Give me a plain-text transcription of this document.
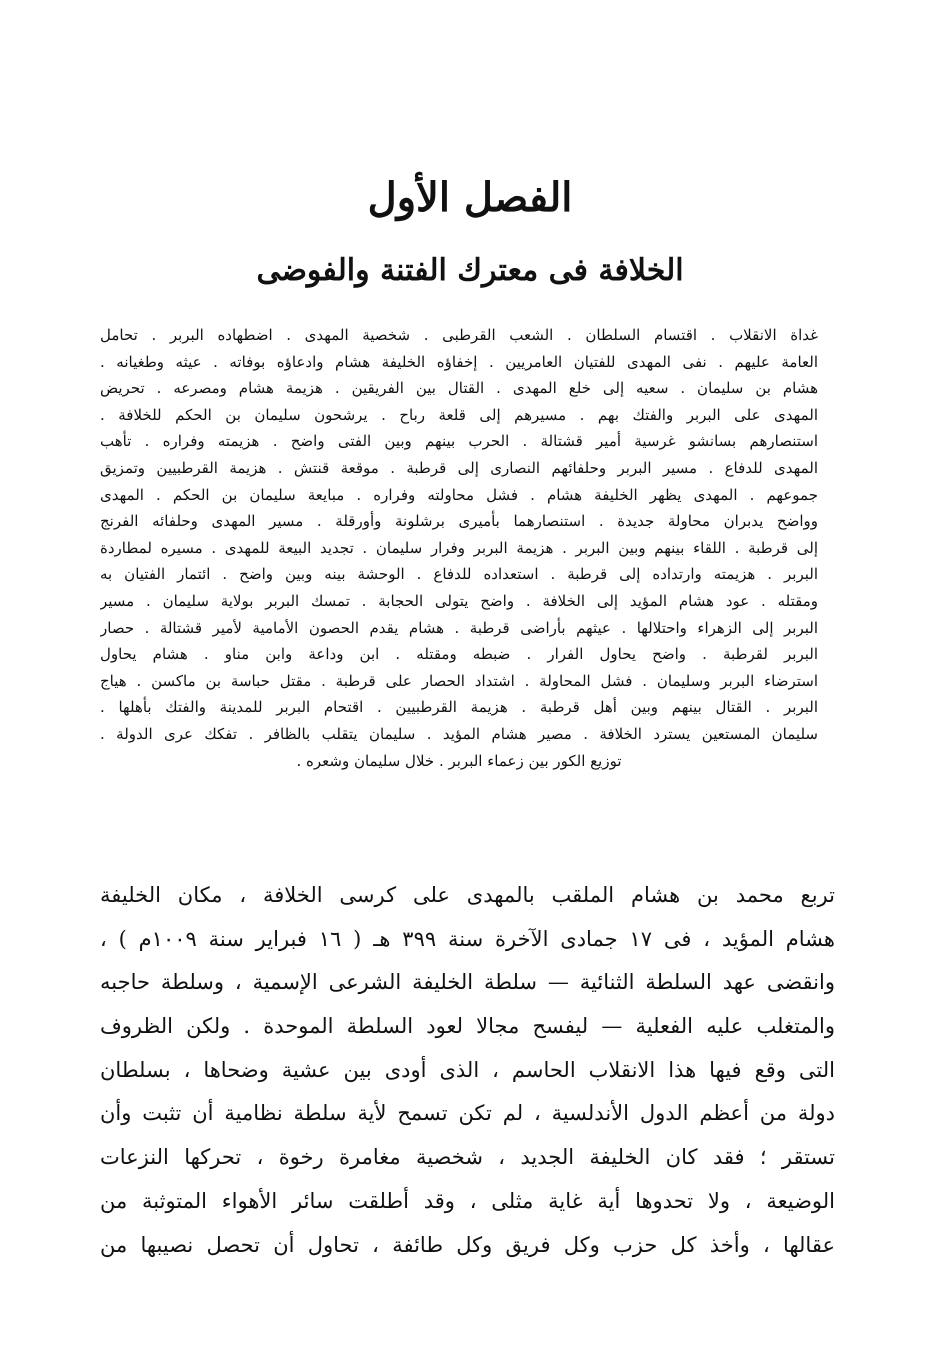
الفصل الأول
الخلافة فى معترك الفتنة والفوضى
غداة الانقلاب . اقتسام السلطان . الشعب القرطبى . شخصية المهدى . اضطهاده البربر . تحامل
العامة عليهم . نفى المهدى للفتيان العامريين . إخفاؤه الخليفة هشام وادعاؤه بوفاته . عيثه وطغيانه .
هشام بن سليمان . سعيه إلى خلع المهدى . القتال بين الفريقين . هزيمة هشام ومصرعه . تحريض
المهدى على البربر والفتك بهم . مسيرهم إلى قلعة رباح . يرشحون سليمان بن الحكم للخلافة .
استنصارهم بسانشو غرسية أمير قشتالة . الحرب بينهم وبين الفتى واضح . هزيمته وفراره . تأهب
المهدى للدفاع . مسير البربر وحلفائهم النصارى إلى قرطبة . موقعة قنتش . هزيمة القرطبيين وتمزيق
جموعهم . المهدى يظهر الخليفة هشام . فشل محاولته وفراره . مبايعة سليمان بن الحكم . المهدى
وواضح يدبران محاولة جديدة . استنصارهما بأميرى برشلونة وأورقلة . مسير المهدى وحلفائه الفرنج
إلى قرطبة . اللقاء بينهم وبين البربر . هزيمة البربر وفرار سليمان . تجديد البيعة للمهدى . مسيره لمطاردة
البربر . هزيمته وارتداده إلى قرطبة . استعداده للدفاع . الوحشة بينه وبين واضح . ائتمار الفتيان به
ومقتله . عود هشام المؤيد إلى الخلافة . واضح يتولى الحجابة . تمسك البربر بولاية سليمان . مسير
البربر إلى الزهراء واحتلالها . عيثهم بأراضى قرطبة . هشام يقدم الحصون الأمامية لأمير قشتالة . حصار
البربر لقرطبة . واضح يحاول الفرار . ضبطه ومقتله . ابن وداعة وابن مناو . هشام يحاول
استرضاء البربر وسليمان . فشل المحاولة . اشتداد الحصار على قرطبة . مقتل حباسة بن ماكسن . هياج
البربر . القتال بينهم وبين أهل قرطبة . هزيمة القرطبيين . اقتحام البربر للمدينة والفتك بأهلها .
سليمان المستعين يسترد الخلافة . مصير هشام المؤيد . سليمان يتقلب بالظافر . تفكك عرى الدولة .
توزيع الكور بين زعماء البربر . خلال سليمان وشعره .
تربع محمد بن هشام الملقب بالمهدى على كرسى الخلافة ، مكان الخليفة
هشام المؤيد ، فى ١٧ جمادى الآخرة سنة ٣٩٩ هـ ( ١٦ فبراير سنة ١٠٠٩م ) ،
وانقضى عهد السلطة الثنائية — سلطة الخليفة الشرعى الإسمية ، وسلطة حاجبه
والمتغلب عليه الفعلية — ليفسح مجالا لعود السلطة الموحدة . ولكن الظروف
التى وقع فيها هذا الانقلاب الحاسم ، الذى أودى بين عشية وضحاها ، بسلطان
دولة من أعظم الدول الأندلسية ، لم تكن تسمح لأية سلطة نظامية أن تثبت وأن
تستقر ؛ فقد كان الخليفة الجديد ، شخصية مغامرة رخوة ، تحركها النزعات
الوضيعة ، ولا تحدوها أية غاية مثلى ، وقد أطلقت سائر الأهواء المتوثبة من
عقالها ، وأخذ كل حزب وكل فريق وكل طائفة ، تحاول أن تحصل نصيبها من
